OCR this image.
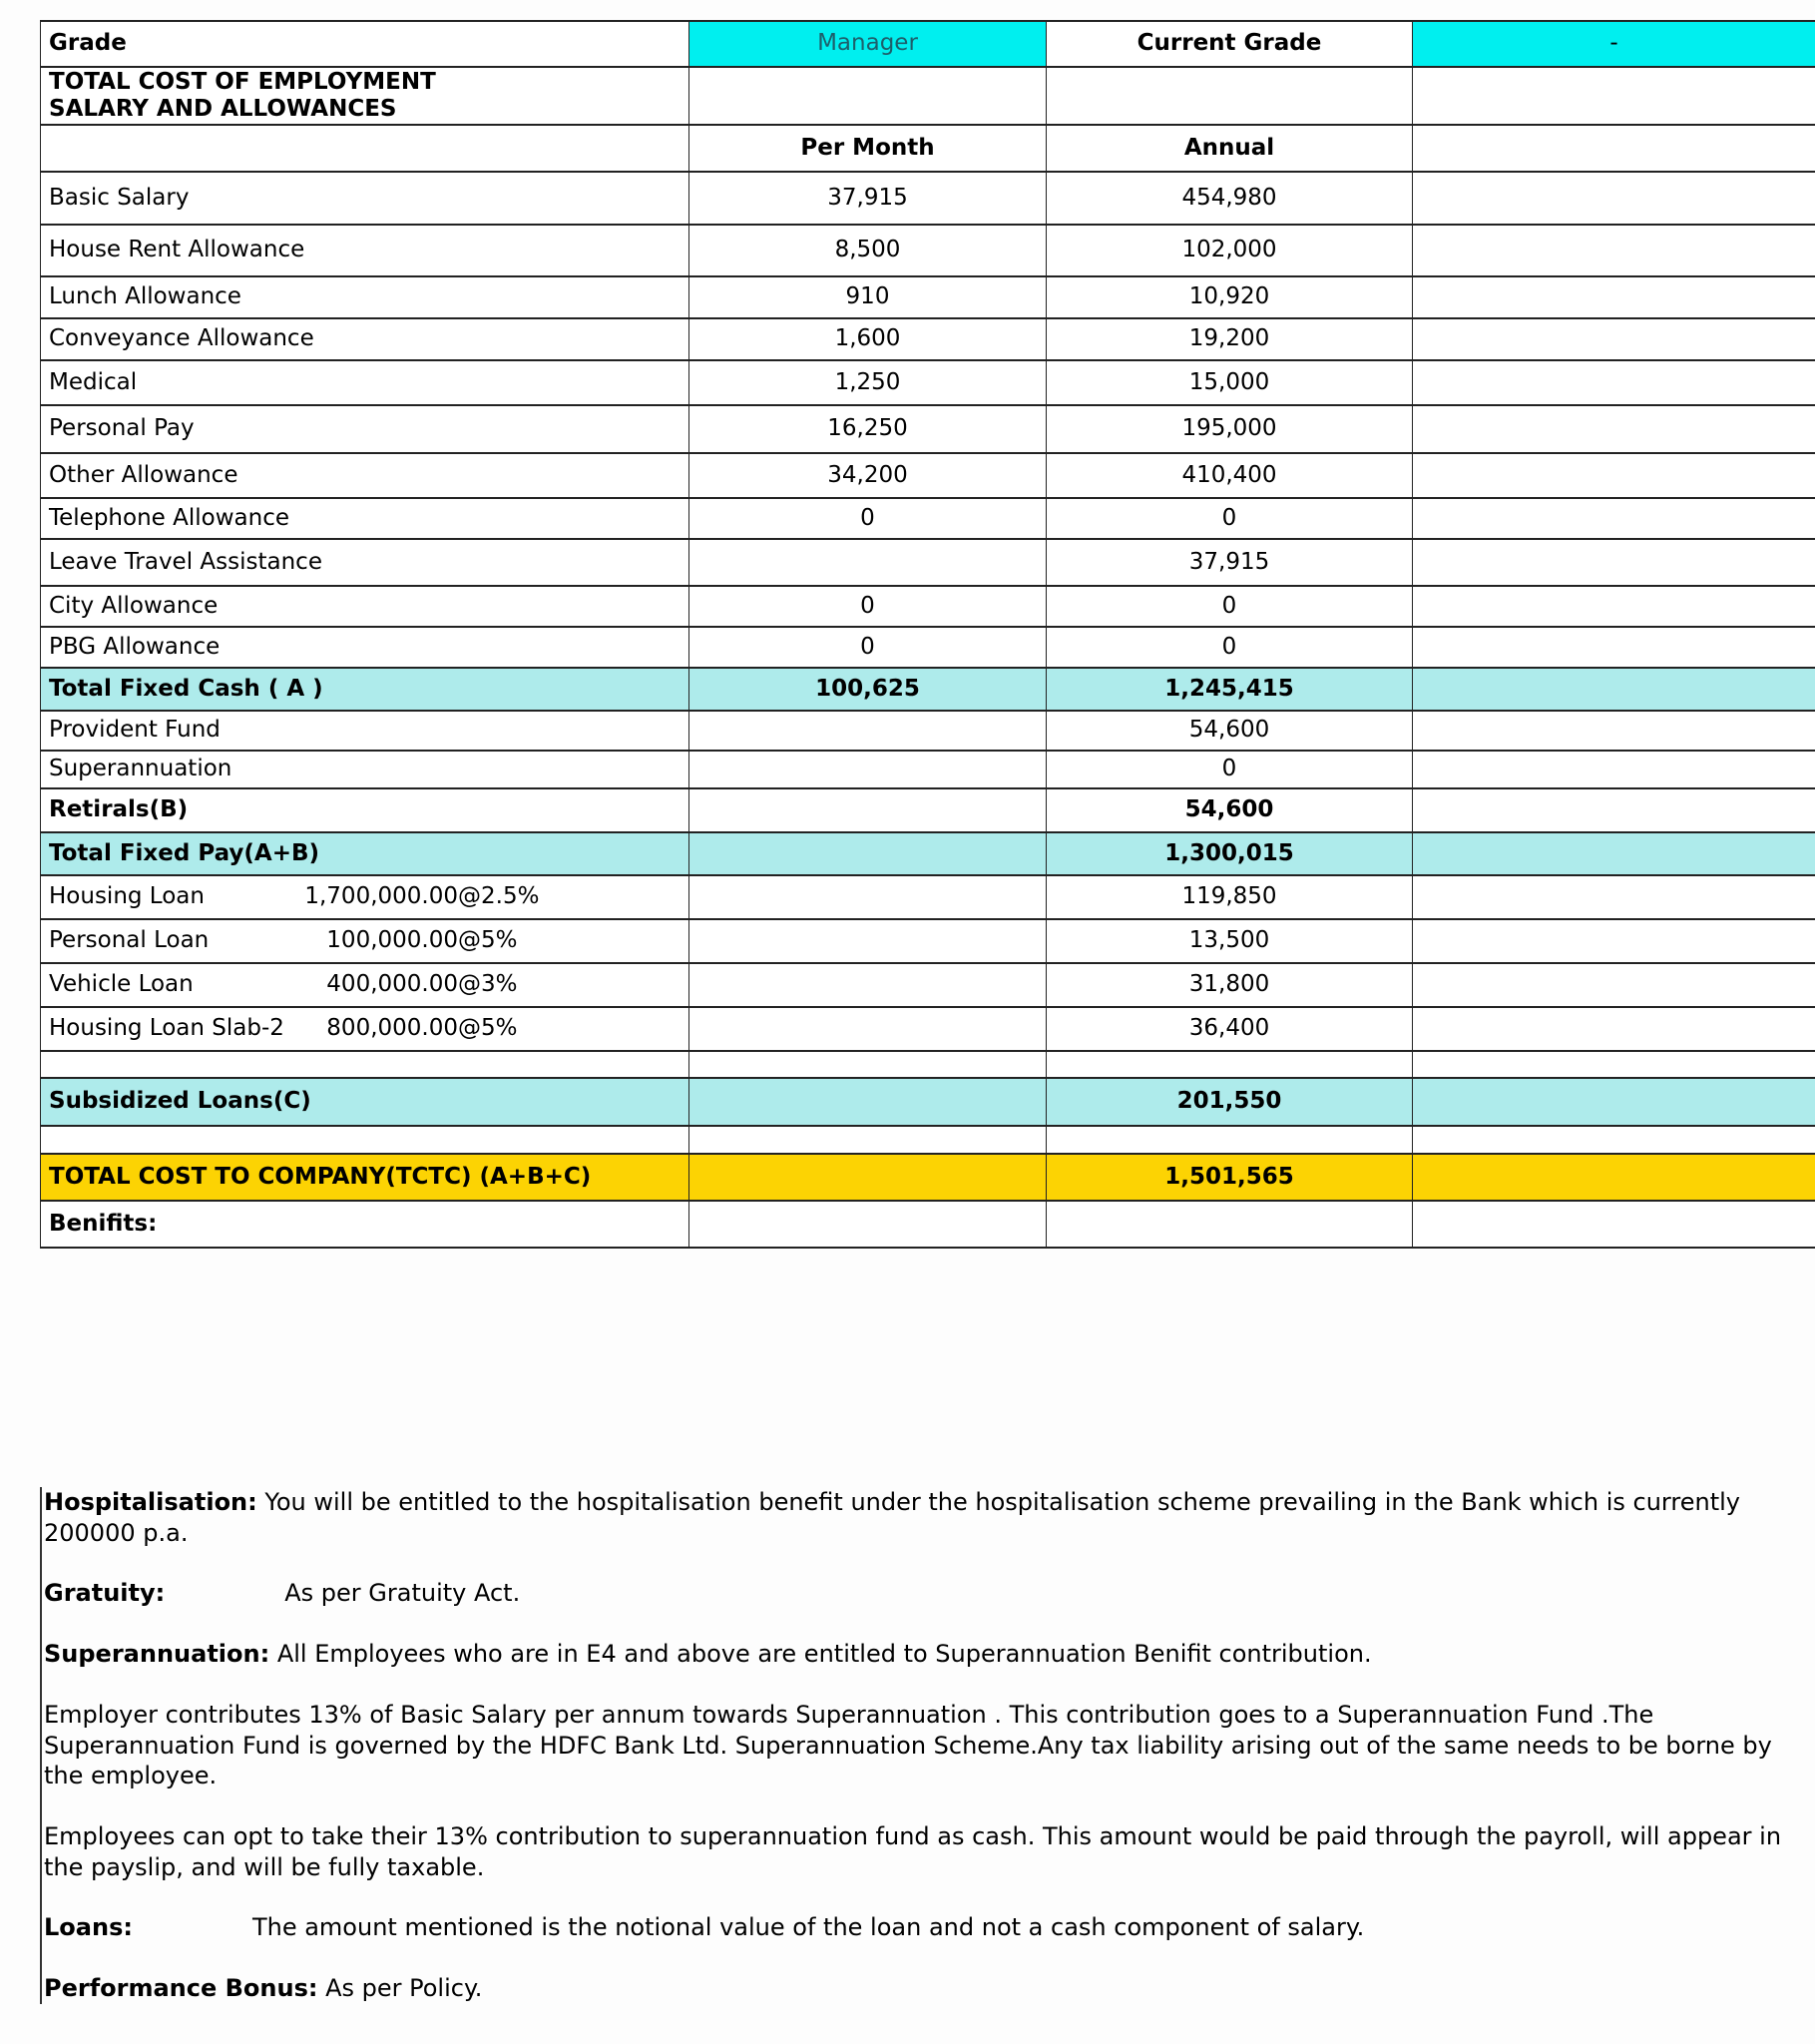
Grade	Manager	Current Grade	-
TOTAL COST OF EMPLOYMENT
SALARY AND ALLOWANCES			
	Per Month	Annual	
Basic Salary	37,915	454,980	
House Rent Allowance	8,500	102,000	
Lunch Allowance	910	10,920	
Conveyance Allowance	1,600	19,200	
Medical	1,250	15,000	
Personal Pay	16,250	195,000	
Other Allowance	34,200	410,400	
Telephone Allowance	0	0	
Leave Travel Assistance		37,915	
City Allowance	0	0	
PBG Allowance	0	0	
Total Fixed Cash ( A )	100,625	1,245,415	
Provident Fund		54,600	
Superannuation		0	
Retirals(B)		54,600	
Total Fixed Pay(A+B)		1,300,015	

Housing Loan 1,700,000.00 @2.5%		119,850	

Personal Loan 100,000.00 @5%		13,500	

Vehicle Loan 400,000.00 @3%		31,800	

Housing Loan Slab-2 800,000.00 @5%		36,400	

Subsidized Loans(C)		201,550	

TOTAL COST TO COMPANY(TCTC) (A+B+C)		1,501,565	
Benifits:			

Hospitalisation: You will be entitled to the hospitalisation benefit under the hospitalisation scheme prevailing in the Bank which is currently 200000 p.a.

Gratuity:	As per Gratuity Act.

Superannuation: All Employees who are in E4 and above are entitled to Superannuation Benifit contribution.

Employer contributes 13% of Basic Salary per annum towards Superannuation . This contribution goes to a Superannuation Fund .The Superannuation Fund is governed by the HDFC Bank Ltd. Superannuation Scheme.Any tax liability arising out of the same needs to be borne by the employee.

Employees can opt to take their 13% contribution to superannuation fund as cash. This amount would be paid through the payroll, will appear in the payslip, and will be fully taxable.

Loans:	The amount mentioned is the notional value of the loan and not a cash component of salary.

Performance Bonus: As per Policy.
